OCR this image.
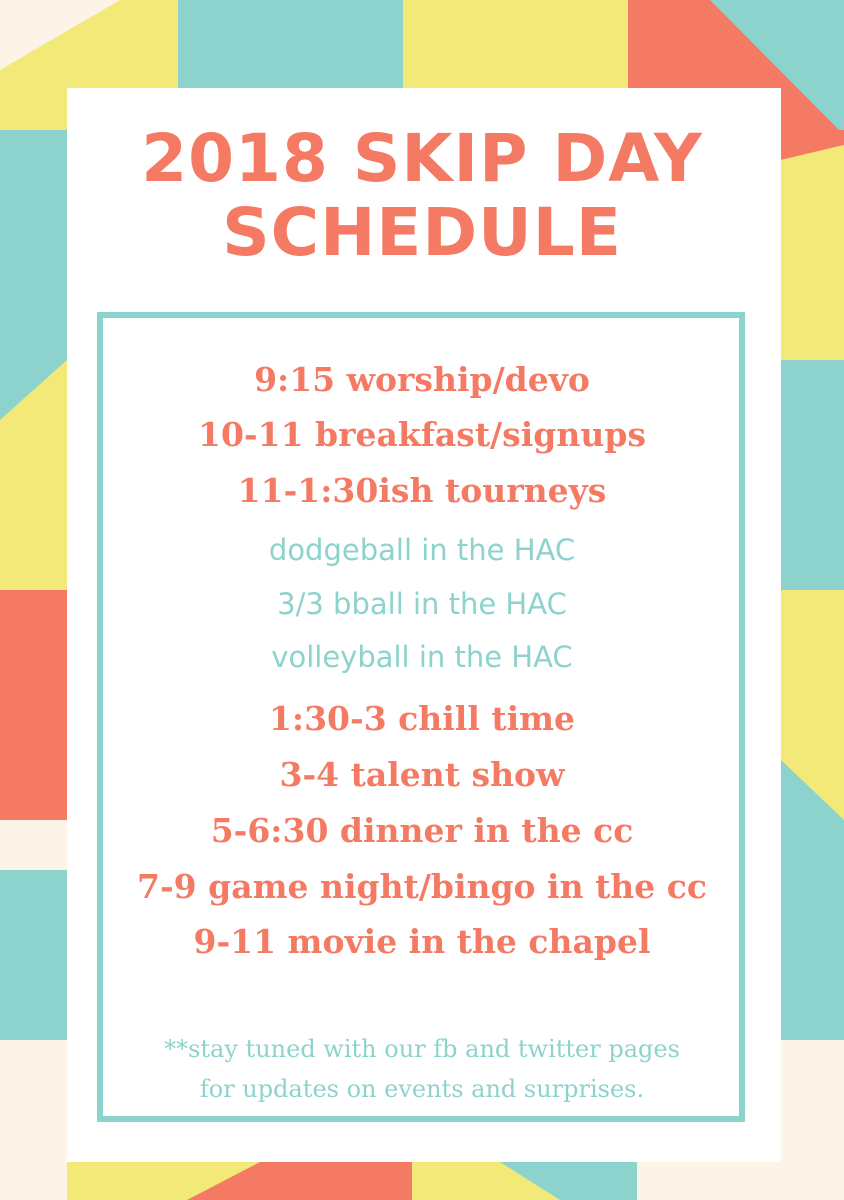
2018 SKIP DAY
SCHEDULE

9:15 worship/devo

10-11 breakfast/signups

11-1:30ish tourneys

dodgeball in the HAC

3/3 bball in the HAC

volleyball in the HAC

1:30-3 chill time

3-4 talent show

5-6:30 dinner in the cc

7-9 game night/bingo in the cc

9-11 movie in the chapel

**stay tuned with our fb and twitter pages

for updates on events and surprises.
